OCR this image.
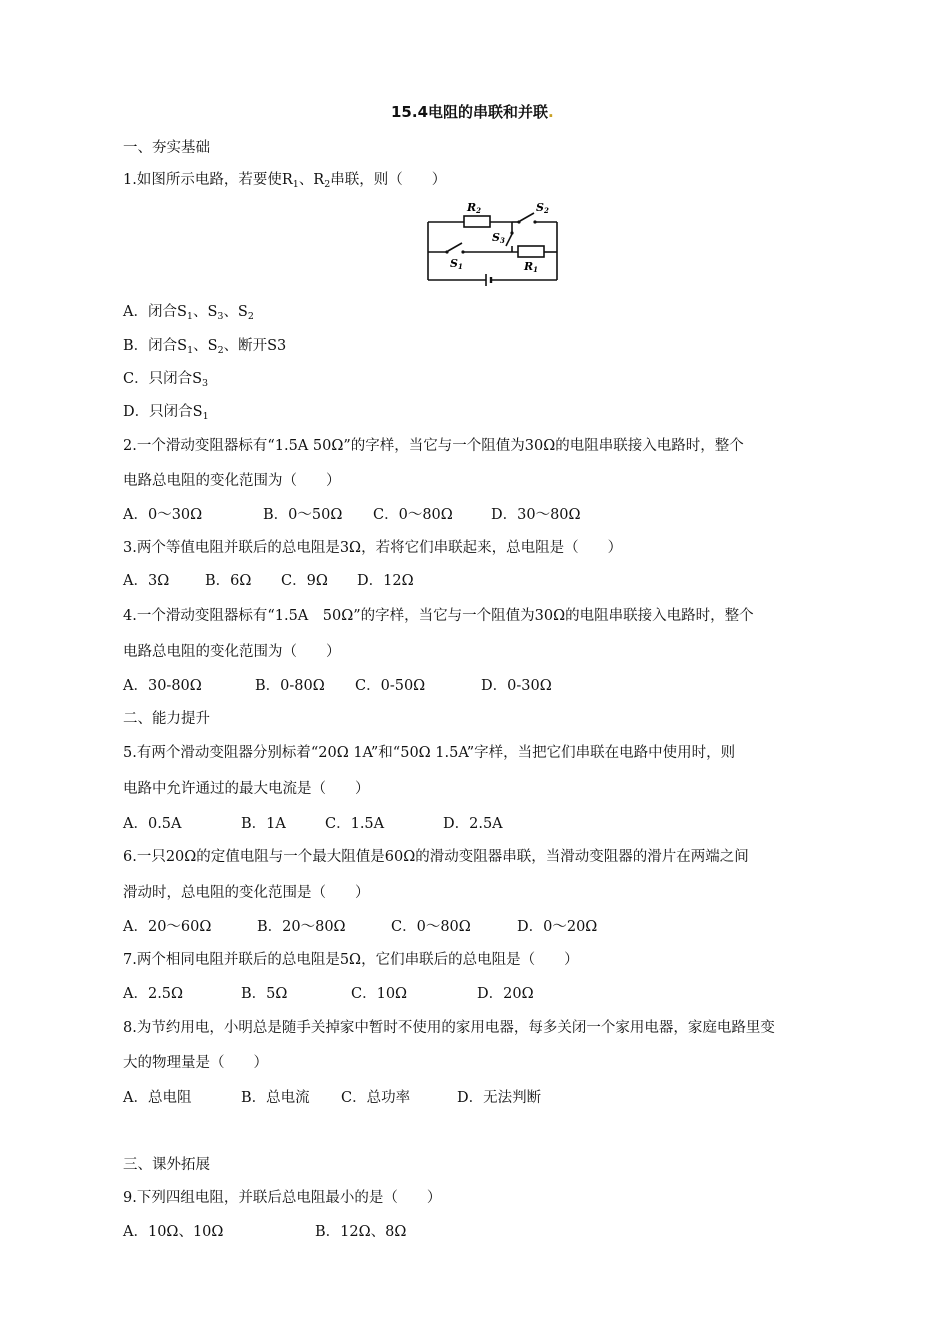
15.4电阻的串联和并联.
一、夯实基础
1.如图所示电路，若要使$R_1$、$R_2$串联，则（　　）
R2	S2
S3
S1	R1
A．闭合$S_1$、$S_3$、$S_2$
B．闭合$S_1$、$S_2$、断开S3
C．只闭合$S_3$
D．只闭合$S_1$
2.一个滑动变阻器标有“1.5A 50Ω”的字样，当它与一个阻值为30Ω的电阻串联接入电路时，整个
电路总电阻的变化范围为（　　）
A．0～30Ω	B．0～50Ω C．0～80Ω	D．30～80Ω
3.两个等值电阻并联后的总电阻是3Ω，若将它们串联起来，总电阻是（　　）
A．3Ω B．6Ω C．9Ω D．12Ω
4.一个滑动变阻器标有“1.5A　50Ω”的字样，当它与一个阻值为30Ω的电阻串联接入电路时，整个
电路总电阻的变化范围为（　　）
A．30-80Ω	B．0-80Ω C．0-50Ω	D．0-30Ω
二、能力提升
5.有两个滑动变阻器分别标着“20Ω 1A”和“50Ω 1.5A”字样，当把它们串联在电路中使用时，则
电路中允许通过的最大电流是（　　）
A．0.5A	B．1A	C．1.5A	D．2.5A
6.一只20Ω的定值电阻与一个最大阻值是60Ω的滑动变阻器串联，当滑动变阻器的滑片在两端之间
滑动时，总电阻的变化范围是（　　）
A．20～60Ω	B．20～80Ω	C．0～80Ω	D．0～20Ω
7.两个相同电阻并联后的总电阻是5Ω，它们串联后的总电阻是（　　）
A．2.5Ω	B．5Ω	C．10Ω	D．20Ω
8.为节约用电，小明总是随手关掉家中暂时不使用的家用电器，每多关闭一个家用电器，家庭电路里变
大的物理量是（　　）
A．总电阻	B．总电流 C．总功率	D．无法判断
三、课外拓展
9.下列四组电阻，并联后总电阻最小的是（　　）
A．10Ω、10Ω	B．12Ω、8Ω
